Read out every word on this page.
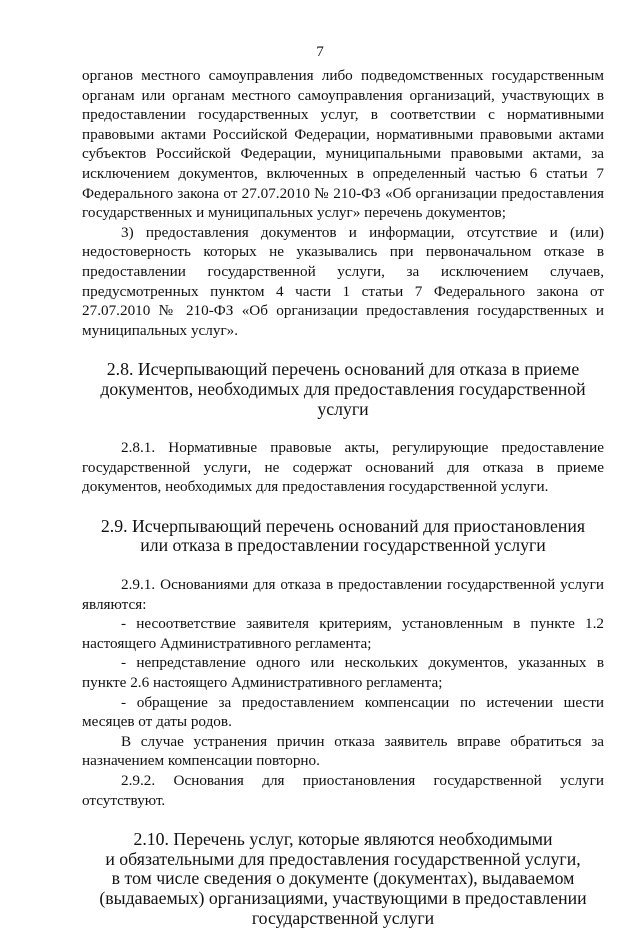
7

органов местного самоуправления либо подведомственных государственным органам или органам местного самоуправления организаций, участвующих в предоставлении государственных услуг, в соответствии с нормативными правовыми актами Российской Федерации, нормативными правовыми актами субъектов Российской Федерации, муниципальными правовыми актами, за исключением документов, включенных в определенный частью 6 статьи 7 Федерального закона от 27.07.2010 № 210-ФЗ «Об организации предоставления государственных и муниципальных услуг» перечень документов;

3) предоставления документов и информации, отсутствие и (или) недостоверность которых не указывались при первоначальном отказе в предоставлении государственной услуги, за исключением случаев, предусмотренных пунктом 4 части 1 статьи 7 Федерального закона от 27.07.2010 № 210-ФЗ «Об организации предоставления государственных и муниципальных услуг».

2.8. Исчерпывающий перечень оснований для отказа в приеме
документов, необходимых для предоставления государственной
услуги

2.8.1. Нормативные правовые акты, регулирующие предоставление государственной услуги, не содержат оснований для отказа в приеме документов, необходимых для предоставления государственной услуги.

2.9. Исчерпывающий перечень оснований для приостановления
или отказа в предоставлении государственной услуги

2.9.1. Основаниями для отказа в предоставлении государственной услуги являются:

- несоответствие заявителя критериям, установленным в пункте 1.2 настоящего Административного регламента;

- непредставление одного или нескольких документов, указанных в пункте 2.6 настоящего Административного регламента;

- обращение за предоставлением компенсации по истечении шести месяцев от даты родов.

В случае устранения причин отказа заявитель вправе обратиться за назначением компенсации повторно.

2.9.2. Основания для приостановления государственной услуги отсутствуют.

2.10. Перечень услуг, которые являются необходимыми
и обязательными для предоставления государственной услуги,
в том числе сведения о документе (документах), выдаваемом
(выдаваемых) организациями, участвующими в предоставлении
государственной услуги
